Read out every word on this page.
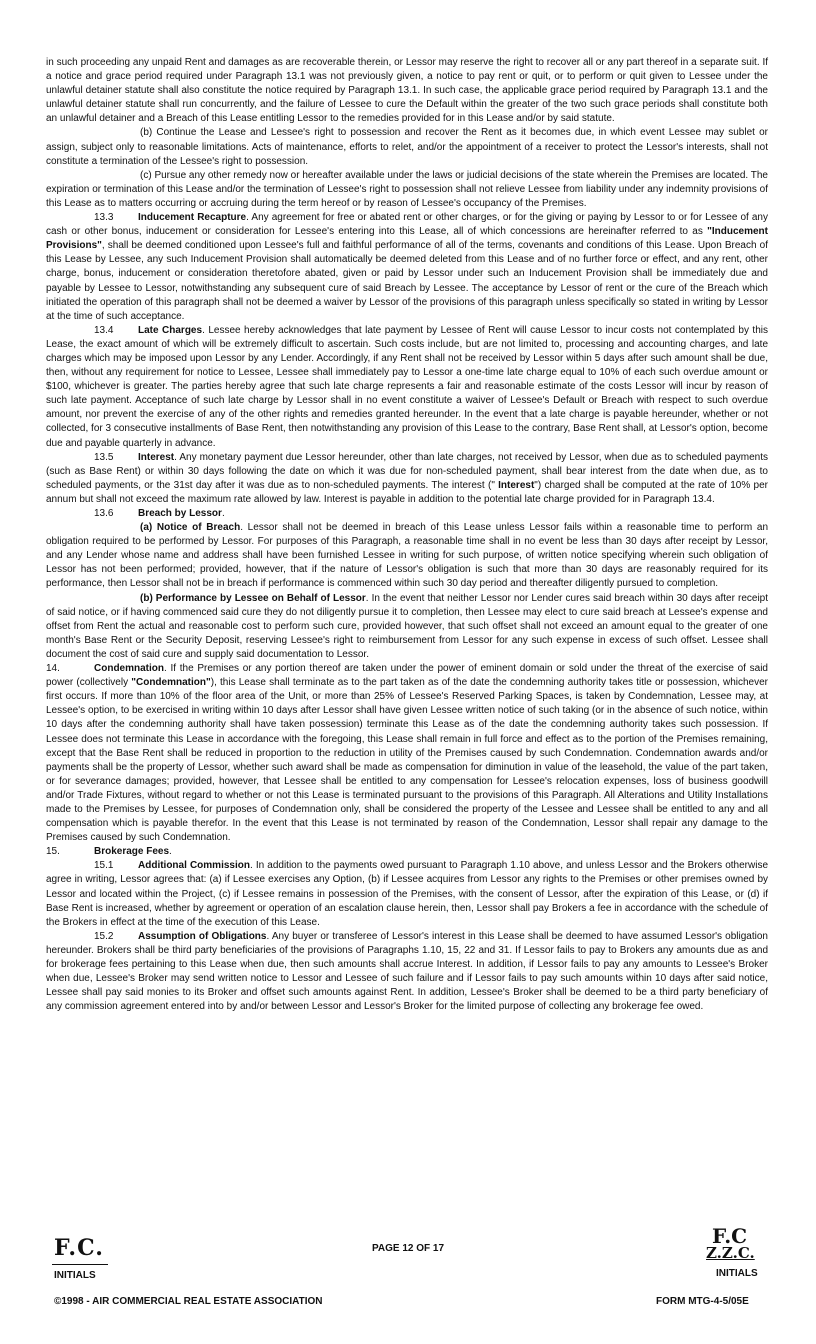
in such proceeding any unpaid Rent and damages as are recoverable therein, or Lessor may reserve the right to recover all or any part thereof in a separate suit. If a notice and grace period required under Paragraph 13.1 was not previously given, a notice to pay rent or quit, or to perform or quit given to Lessee under the unlawful detainer statute shall also constitute the notice required by Paragraph 13.1. In such case, the applicable grace period required by Paragraph 13.1 and the unlawful detainer statute shall run concurrently, and the failure of Lessee to cure the Default within the greater of the two such grace periods shall constitute both an unlawful detainer and a Breach of this Lease entitling Lessor to the remedies provided for in this Lease and/or by said statute.

(b) Continue the Lease and Lessee's right to possession and recover the Rent as it becomes due, in which event Lessee may sublet or assign, subject only to reasonable limitations. Acts of maintenance, efforts to relet, and/or the appointment of a receiver to protect the Lessor's interests, shall not constitute a termination of the Lessee's right to possession.

(c) Pursue any other remedy now or hereafter available under the laws or judicial decisions of the state wherein the Premises are located. The expiration or termination of this Lease and/or the termination of Lessee's right to possession shall not relieve Lessee from liability under any indemnity provisions of this Lease as to matters occurring or accruing during the term hereof or by reason of Lessee's occupancy of the Premises.

13.3 Inducement Recapture. Any agreement for free or abated rent or other charges, or for the giving or paying by Lessor to or for Lessee of any cash or other bonus, inducement or consideration for Lessee's entering into this Lease, all of which concessions are hereinafter referred to as "Inducement Provisions", shall be deemed conditioned upon Lessee's full and faithful performance of all of the terms, covenants and conditions of this Lease. Upon Breach of this Lease by Lessee, any such Inducement Provision shall automatically be deemed deleted from this Lease and of no further force or effect, and any rent, other charge, bonus, inducement or consideration theretofore abated, given or paid by Lessor under such an Inducement Provision shall be immediately due and payable by Lessee to Lessor, notwithstanding any subsequent cure of said Breach by Lessee. The acceptance by Lessor of rent or the cure of the Breach which initiated the operation of this paragraph shall not be deemed a waiver by Lessor of the provisions of this paragraph unless specifically so stated in writing by Lessor at the time of such acceptance.

13.4 Late Charges. Lessee hereby acknowledges that late payment by Lessee of Rent will cause Lessor to incur costs not contemplated by this Lease, the exact amount of which will be extremely difficult to ascertain. Such costs include, but are not limited to, processing and accounting charges, and late charges which may be imposed upon Lessor by any Lender. Accordingly, if any Rent shall not be received by Lessor within 5 days after such amount shall be due, then, without any requirement for notice to Lessee, Lessee shall immediately pay to Lessor a one-time late charge equal to 10% of each such overdue amount or $100, whichever is greater. The parties hereby agree that such late charge represents a fair and reasonable estimate of the costs Lessor will incur by reason of such late payment. Acceptance of such late charge by Lessor shall in no event constitute a waiver of Lessee's Default or Breach with respect to such overdue amount, nor prevent the exercise of any of the other rights and remedies granted hereunder. In the event that a late charge is payable hereunder, whether or not collected, for 3 consecutive installments of Base Rent, then notwithstanding any provision of this Lease to the contrary, Base Rent shall, at Lessor's option, become due and payable quarterly in advance.

13.5 Interest. Any monetary payment due Lessor hereunder, other than late charges, not received by Lessor, when due as to scheduled payments (such as Base Rent) or within 30 days following the date on which it was due for non-scheduled payment, shall bear interest from the date when due, as to scheduled payments, or the 31st day after it was due as to non-scheduled payments. The interest (" Interest") charged shall be computed at the rate of 10% per annum but shall not exceed the maximum rate allowed by law. Interest is payable in addition to the potential late charge provided for in Paragraph 13.4.

13.6 Breach by Lessor.

(a) Notice of Breach. Lessor shall not be deemed in breach of this Lease unless Lessor fails within a reasonable time to perform an obligation required to be performed by Lessor. For purposes of this Paragraph, a reasonable time shall in no event be less than 30 days after receipt by Lessor, and any Lender whose name and address shall have been furnished Lessee in writing for such purpose, of written notice specifying wherein such obligation of Lessor has not been performed; provided, however, that if the nature of Lessor's obligation is such that more than 30 days are reasonably required for its performance, then Lessor shall not be in breach if performance is commenced within such 30 day period and thereafter diligently pursued to completion.

(b) Performance by Lessee on Behalf of Lessor. In the event that neither Lessor nor Lender cures said breach within 30 days after receipt of said notice, or if having commenced said cure they do not diligently pursue it to completion, then Lessee may elect to cure said breach at Lessee's expense and offset from Rent the actual and reasonable cost to perform such cure, provided however, that such offset shall not exceed an amount equal to the greater of one month's Base Rent or the Security Deposit, reserving Lessee's right to reimbursement from Lessor for any such expense in excess of such offset. Lessee shall document the cost of said cure and supply said documentation to Lessor.

14.	Condemnation. If the Premises or any portion thereof are taken under the power of eminent domain or sold under the threat of the exercise of said power (collectively "Condemnation"), this Lease shall terminate as to the part taken as of the date the condemning authority takes title or possession, whichever first occurs. If more than 10% of the floor area of the Unit, or more than 25% of Lessee's Reserved Parking Spaces, is taken by Condemnation, Lessee may, at Lessee's option, to be exercised in writing within 10 days after Lessor shall have given Lessee written notice of such taking (or in the absence of such notice, within 10 days after the condemning authority shall have taken possession) terminate this Lease as of the date the condemning authority takes such possession. If Lessee does not terminate this Lease in accordance with the foregoing, this Lease shall remain in full force and effect as to the portion of the Premises remaining, except that the Base Rent shall be reduced in proportion to the reduction in utility of the Premises caused by such Condemnation. Condemnation awards and/or payments shall be the property of Lessor, whether such award shall be made as compensation for diminution in value of the leasehold, the value of the part taken, or for severance damages; provided, however, that Lessee shall be entitled to any compensation for Lessee's relocation expenses, loss of business goodwill and/or Trade Fixtures, without regard to whether or not this Lease is terminated pursuant to the provisions of this Paragraph. All Alterations and Utility Installations made to the Premises by Lessee, for purposes of Condemnation only, shall be considered the property of the Lessee and Lessee shall be entitled to any and all compensation which is payable therefor. In the event that this Lease is not terminated by reason of the Condemnation, Lessor shall repair any damage to the Premises caused by such Condemnation.

15.	Brokerage Fees.

15.1 Additional Commission. In addition to the payments owed pursuant to Paragraph 1.10 above, and unless Lessor and the Brokers otherwise agree in writing, Lessor agrees that: (a) if Lessee exercises any Option, (b) if Lessee acquires from Lessor any rights to the Premises or other premises owned by Lessor and located within the Project, (c) if Lessee remains in possession of the Premises, with the consent of Lessor, after the expiration of this Lease, or (d) if Base Rent is increased, whether by agreement or operation of an escalation clause herein, then, Lessor shall pay Brokers a fee in accordance with the schedule of the Brokers in effect at the time of the execution of this Lease.

15.2 Assumption of Obligations. Any buyer or transferee of Lessor's interest in this Lease shall be deemed to have assumed Lessor's obligation hereunder. Brokers shall be third party beneficiaries of the provisions of Paragraphs 1.10, 15, 22 and 31. If Lessor fails to pay to Brokers any amounts due as and for brokerage fees pertaining to this Lease when due, then such amounts shall accrue Interest. In addition, if Lessor fails to pay any amounts to Lessee's Broker when due, Lessee's Broker may send written notice to Lessor and Lessee of such failure and if Lessor fails to pay such amounts within 10 days after said notice, Lessee shall pay said monies to its Broker and offset such amounts against Rent. In addition, Lessee's Broker shall be deemed to be a third party beneficiary of any commission agreement entered into by and/or between Lessor and Lessor's Broker for the limited purpose of collecting any brokerage fee owed.

F.C.
INITIALS
PAGE 12 OF 17
F.C
Z.Z.C.
INITIALS
©1998 - AIR COMMERCIAL REAL ESTATE ASSOCIATION	FORM MTG-4-5/05E
